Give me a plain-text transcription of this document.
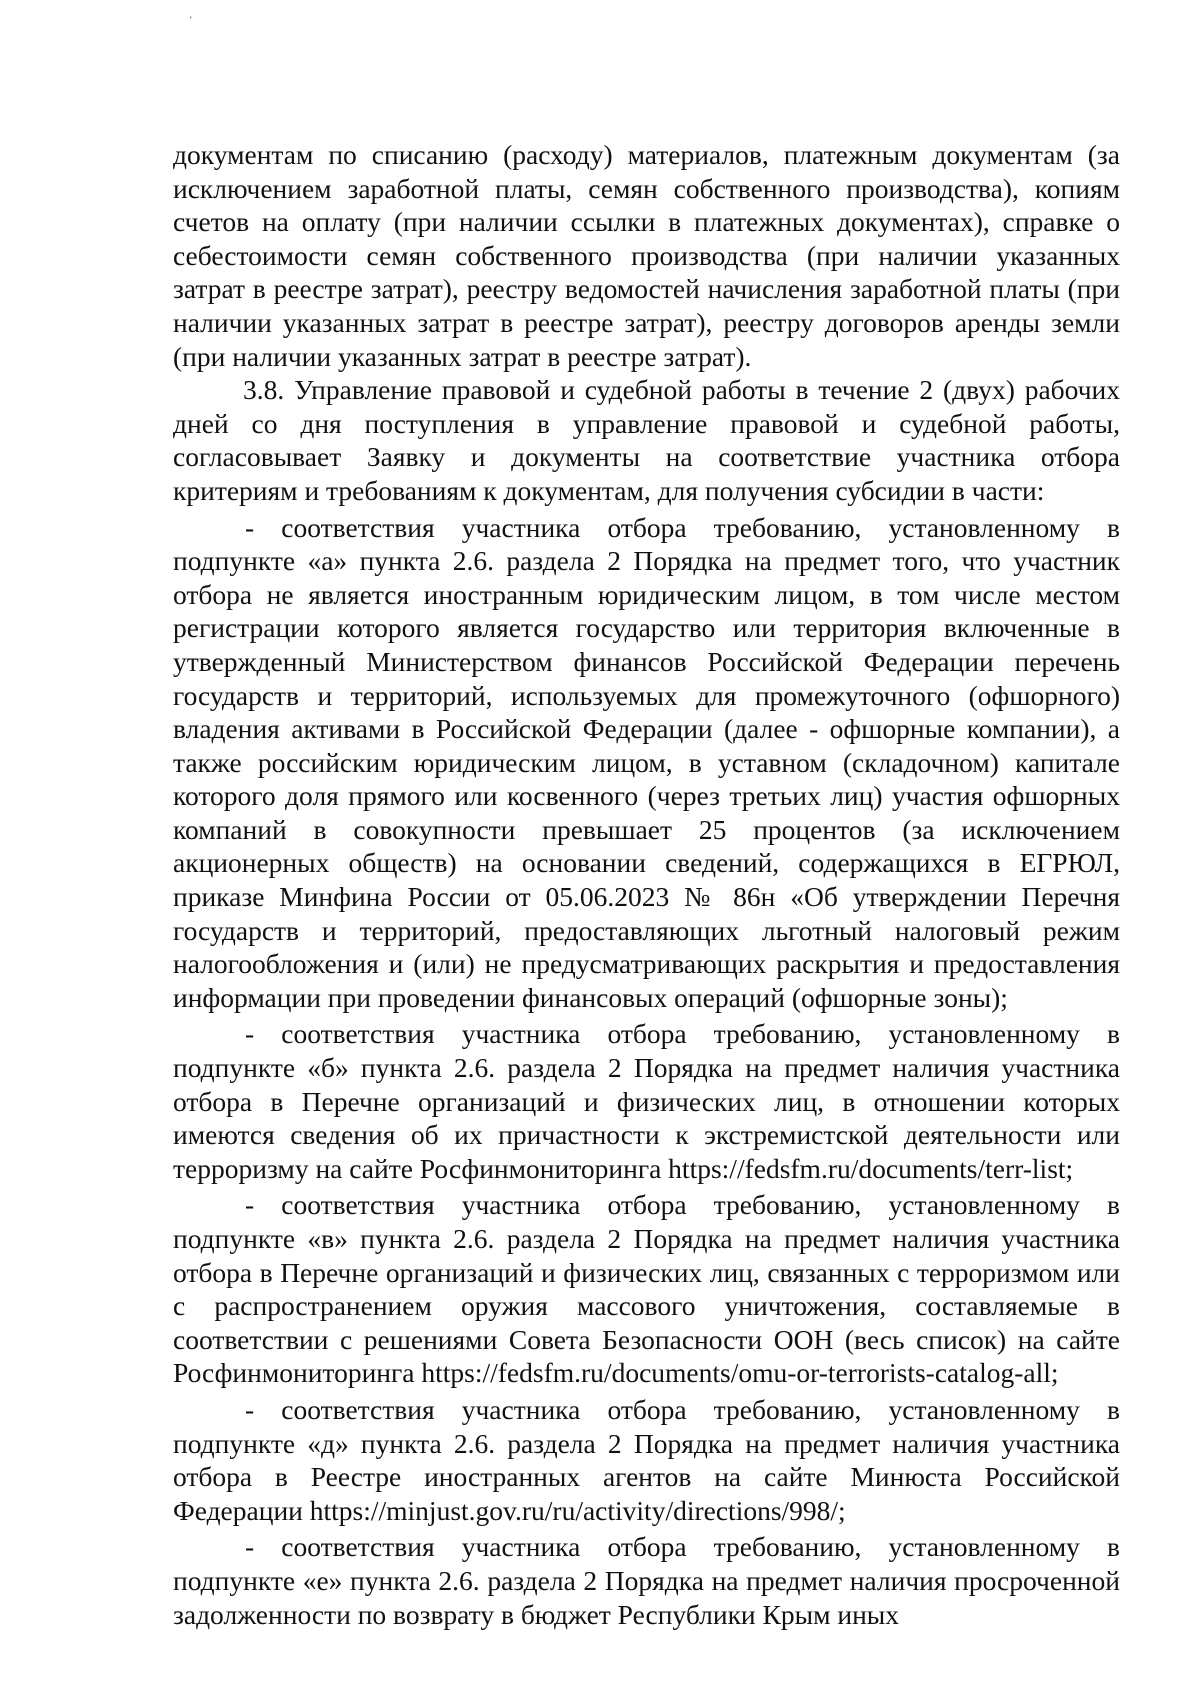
ʻ

документам по списанию (расходу) материалов, платежным документам (за исключением заработной платы, семян собственного производства), копиям счетов на оплату (при наличии ссылки в платежных документах), справке о себестоимости семян собственного производства (при наличии указанных затрат в реестре затрат), реестру ведомостей начисления заработной платы (при наличии указанных затрат в реестре затрат), реестру договоров аренды земли (при наличии указанных затрат в реестре затрат).

3.8. Управление правовой и судебной работы в течение 2 (двух) рабочих дней со дня поступления в управление правовой и судебной работы, согласовывает Заявку и документы на соответствие участника отбора критериям и требованиям к документам, для получения субсидии в части:

- соответствия участника отбора требованию, установленному в подпункте «а» пункта 2.6. раздела 2 Порядка на предмет того, что участник отбора не является иностранным юридическим лицом, в том числе местом регистрации которого является государство или территория включенные в утвержденный Министерством финансов Российской Федерации перечень государств и территорий, используемых для промежуточного (офшорного) владения активами в Российской Федерации (далее - офшорные компании), а также российским юридическим лицом, в уставном (складочном) капитале которого доля прямого или косвенного (через третьих лиц) участия офшорных компаний в совокупности превышает 25 процентов (за исключением акционерных обществ) на основании сведений, содержащихся в ЕГРЮЛ, приказе Минфина России от 05.06.2023 № 86н «Об утверждении Перечня государств и территорий, предоставляющих льготный налоговый режим налогообложения и (или) не предусматривающих раскрытия и предоставления информации при проведении финансовых операций (офшорные зоны);

- соответствия участника отбора требованию, установленному в подпункте «б» пункта 2.6. раздела 2 Порядка на предмет наличия участника отбора в Перечне организаций и физических лиц, в отношении которых имеются сведения об их причастности к экстремистской деятельности или терроризму на сайте Росфинмониторинга https://fedsfm.ru/documents/terr-list;

- соответствия участника отбора требованию, установленному в подпункте «в» пункта 2.6. раздела 2 Порядка на предмет наличия участника отбора в Перечне организаций и физических лиц, связанных с терроризмом или с распространением оружия массового уничтожения, составляемые в соответствии с решениями Совета Безопасности ООН (весь список) на сайте Росфинмониторинга https://fedsfm.ru/documents/omu-or-terrorists-catalog-all;

- соответствия участника отбора требованию, установленному в подпункте «д» пункта 2.6. раздела 2 Порядка на предмет наличия участника отбора в Реестре иностранных агентов на сайте Минюста Российской Федерации https://minjust.gov.ru/ru/activity/directions/998/;

- соответствия участника отбора требованию, установленному в подпункте «е» пункта 2.6. раздела 2 Порядка на предмет наличия просроченной задолженности по возврату в бюджет Республики Крым иных
